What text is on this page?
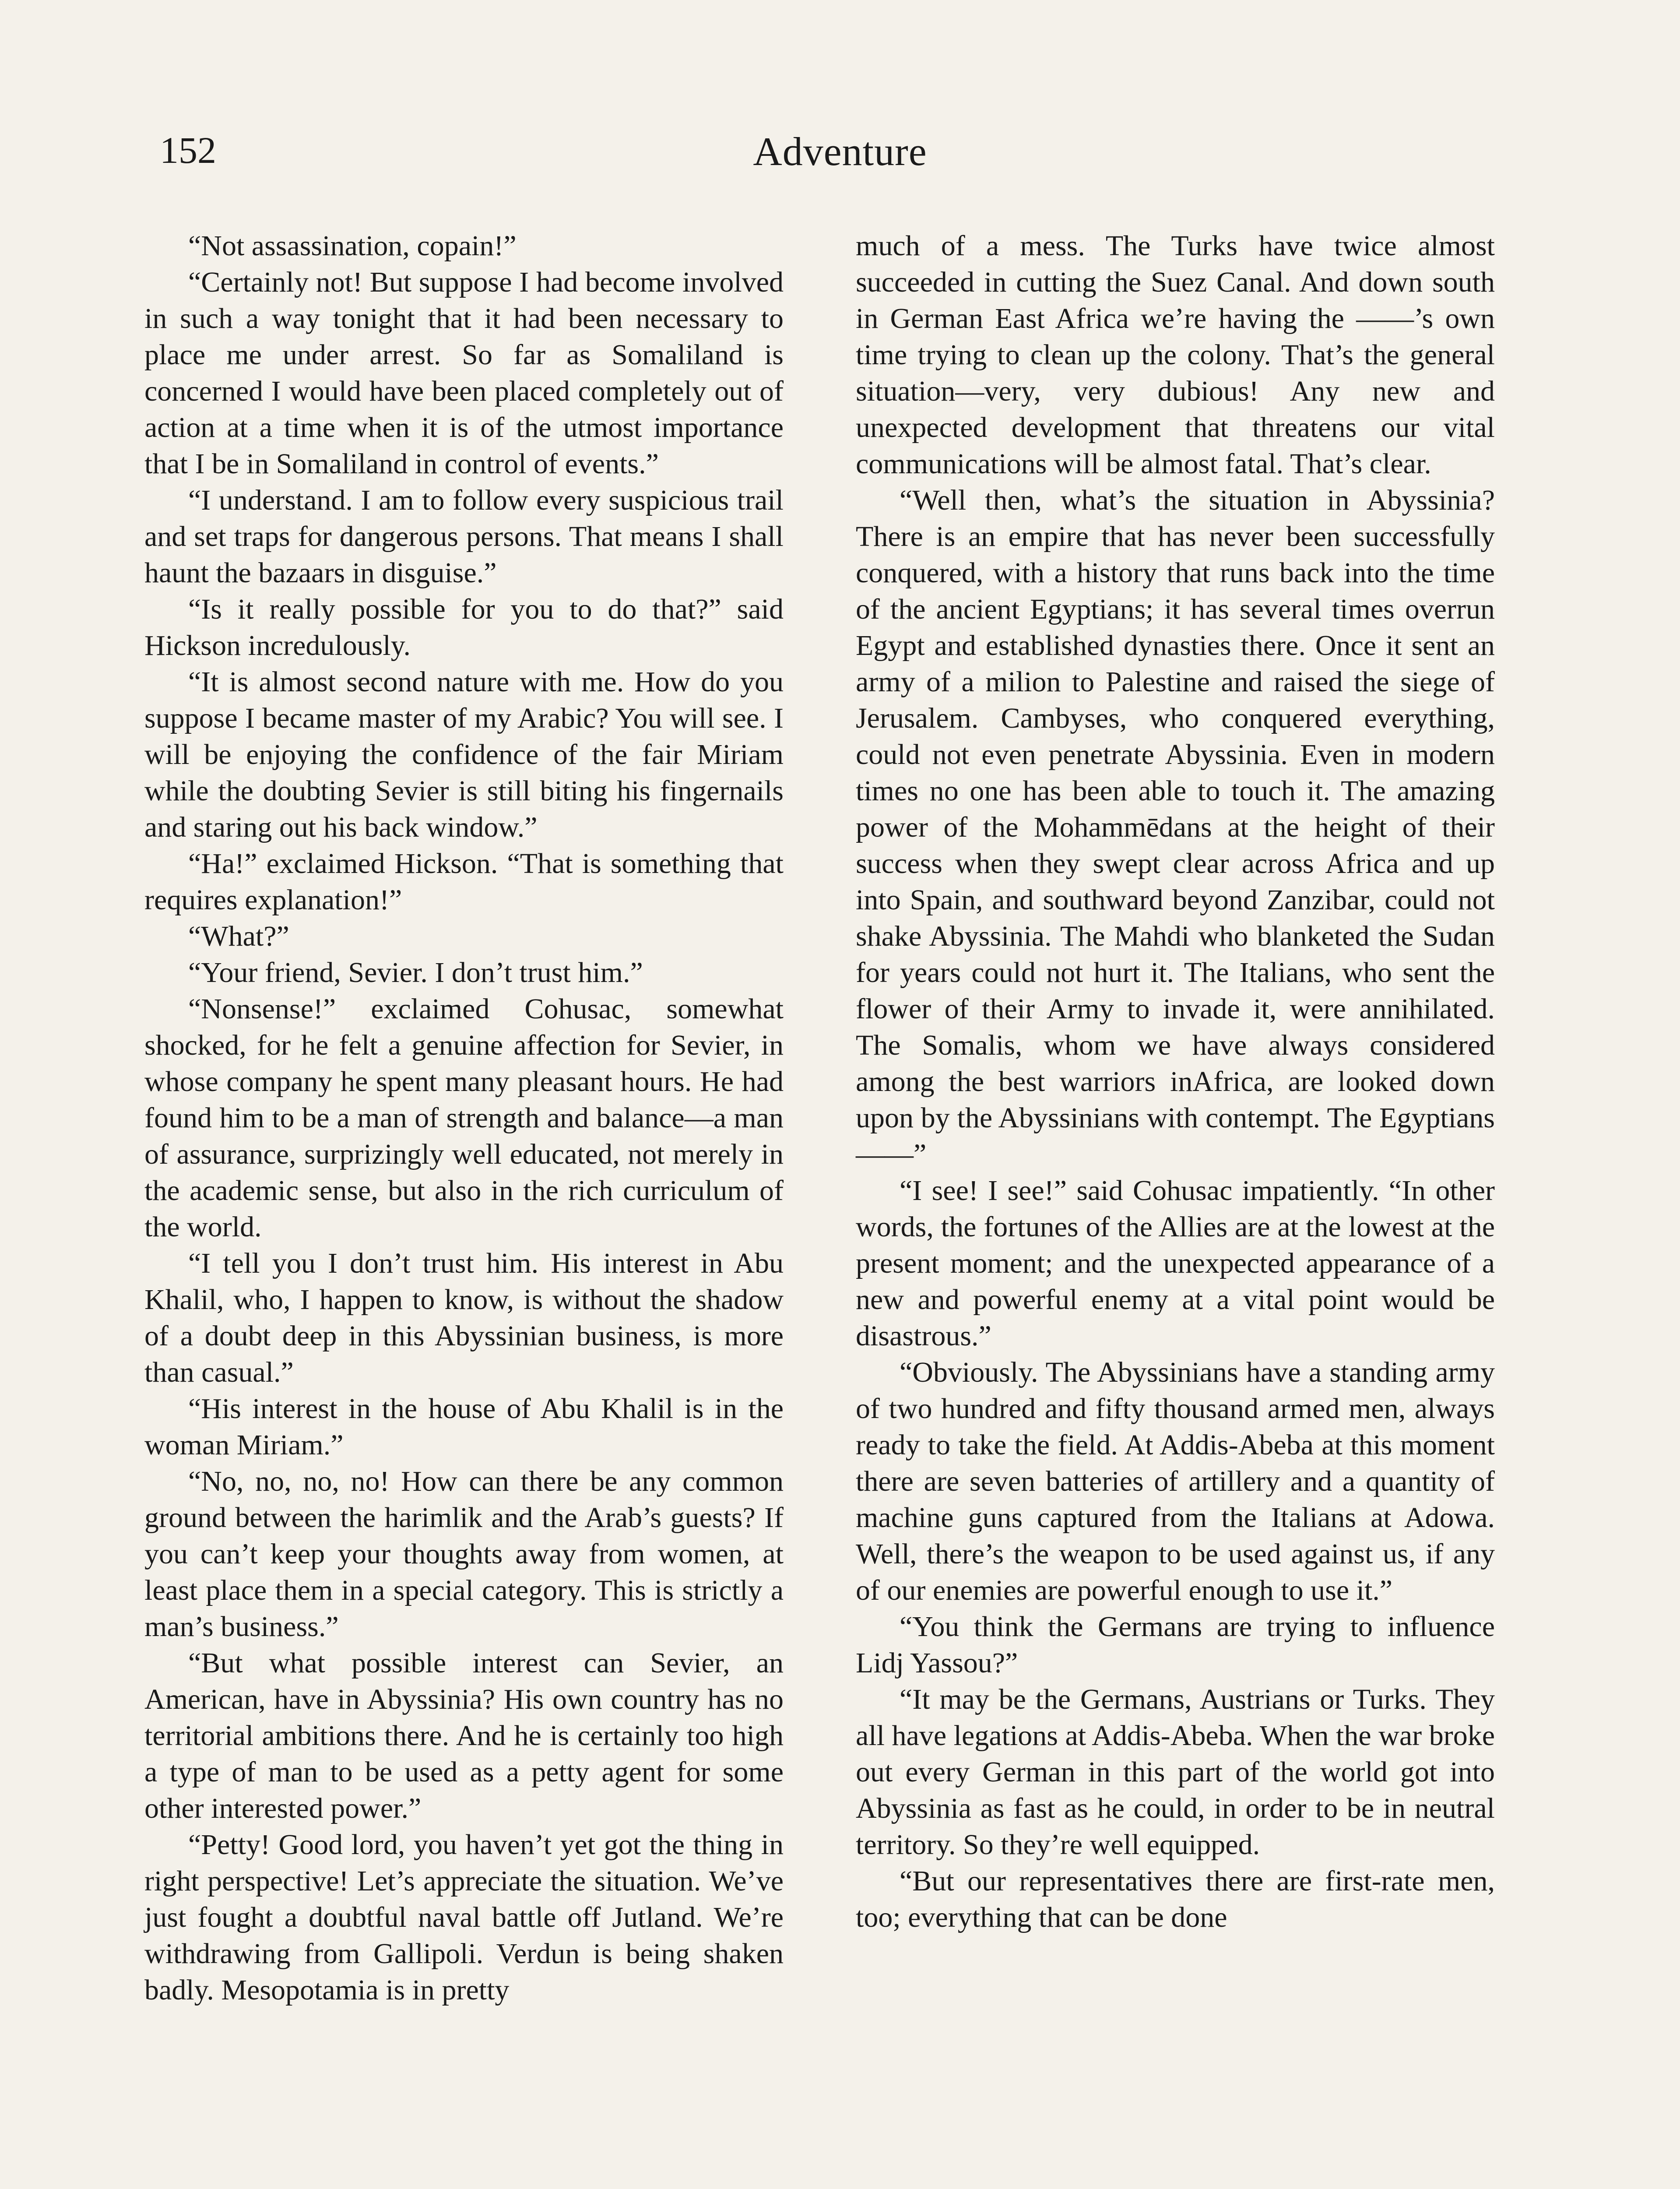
152	Adventure

“Not assassination, copain!”

“Certainly not! But suppose I had become involved in such a way tonight that it had been necessary to place me under arrest. So far as Somaliland is concerned I would have been placed completely out of action at a time when it is of the utmost importance that I be in Somaliland in control of events.”

“I understand. I am to follow every suspicious trail and set traps for dangerous persons. That means I shall haunt the bazaars in disguise.”

“Is it really possible for you to do that?” said Hickson incredulously.

“It is almost second nature with me. How do you suppose I became master of my Arabic? You will see. I will be enjoying the confidence of the fair Miriam while the doubting Sevier is still biting his fingernails and staring out his back window.”

“Ha!” exclaimed Hickson. “That is something that requires explanation!”

“What?”

“Your friend, Sevier. I don’t trust him.”

“Nonsense!” exclaimed Cohusac, somewhat shocked, for he felt a genuine affection for Sevier, in whose company he spent many pleasant hours. He had found him to be a man of strength and balance—a man of assurance, surprizingly well educated, not merely in the academic sense, but also in the rich curriculum of the world.

“I tell you I don’t trust him. His interest in Abu Khalil, who, I happen to know, is without the shadow of a doubt deep in this Abyssinian business, is more than casual.”

“His interest in the house of Abu Khalil is in the woman Miriam.”

“No, no, no, no! How can there be any common ground between the harimlik and the Arab’s guests? If you can’t keep your thoughts away from women, at least place them in a special category. This is strictly a man’s business.”

“But what possible interest can Sevier, an American, have in Abyssinia? His own country has no territorial ambitions there. And he is certainly too high a type of man to be used as a petty agent for some other interested power.”

“Petty! Good lord, you haven’t yet got the thing in right perspective! Let’s appreciate the situation. We’ve just fought a doubtful naval battle off Jutland. We’re withdrawing from Gallipoli. Verdun is being shaken badly. Mesopotamia is in pretty

much of a mess. The Turks have twice almost succeeded in cutting the Suez Canal. And down south in German East Africa we’re having the ——’s own time trying to clean up the colony. That’s the general situation—very, very dubious! Any new and unexpected development that threatens our vital communications will be almost fatal. That’s clear.

“Well then, what’s the situation in Abyssinia? There is an empire that has never been successfully conquered, with a history that runs back into the time of the ancient Egyptians; it has several times overrun Egypt and established dynasties there. Once it sent an army of a milion to Palestine and raised the siege of Jerusalem. Cambyses, who conquered everything, could not even penetrate Abyssinia. Even in modern times no one has been able to touch it. The amazing power of the Mohammēdans at the height of their success when they swept clear across Africa and up into Spain, and southward beyond Zanzibar, could not shake Abyssinia. The Mahdi who blanketed the Sudan for years could not hurt it. The Italians, who sent the flower of their Army to invade it, were annihilated. The Somalis, whom we have always considered among the best warriors inAfrica, are looked down upon by the Abyssinians with contempt. The Egyptians——”

“I see! I see!” said Cohusac impatiently. “In other words, the fortunes of the Allies are at the lowest at the present moment; and the unexpected appearance of a new and powerful enemy at a vital point would be disastrous.”

“Obviously. The Abyssinians have a standing army of two hundred and fifty thousand armed men, always ready to take the field. At Addis-Abeba at this moment there are seven batteries of artillery and a quantity of machine guns captured from the Italians at Adowa. Well, there’s the weapon to be used against us, if any of our enemies are powerful enough to use it.”

“You think the Germans are trying to influence Lidj Yassou?”

“It may be the Germans, Austrians or Turks. They all have legations at Addis-Abeba. When the war broke out every German in this part of the world got into Abyssinia as fast as he could, in order to be in neutral territory. So they’re well equipped.

“But our representatives there are first-rate men, too; everything that can be done
